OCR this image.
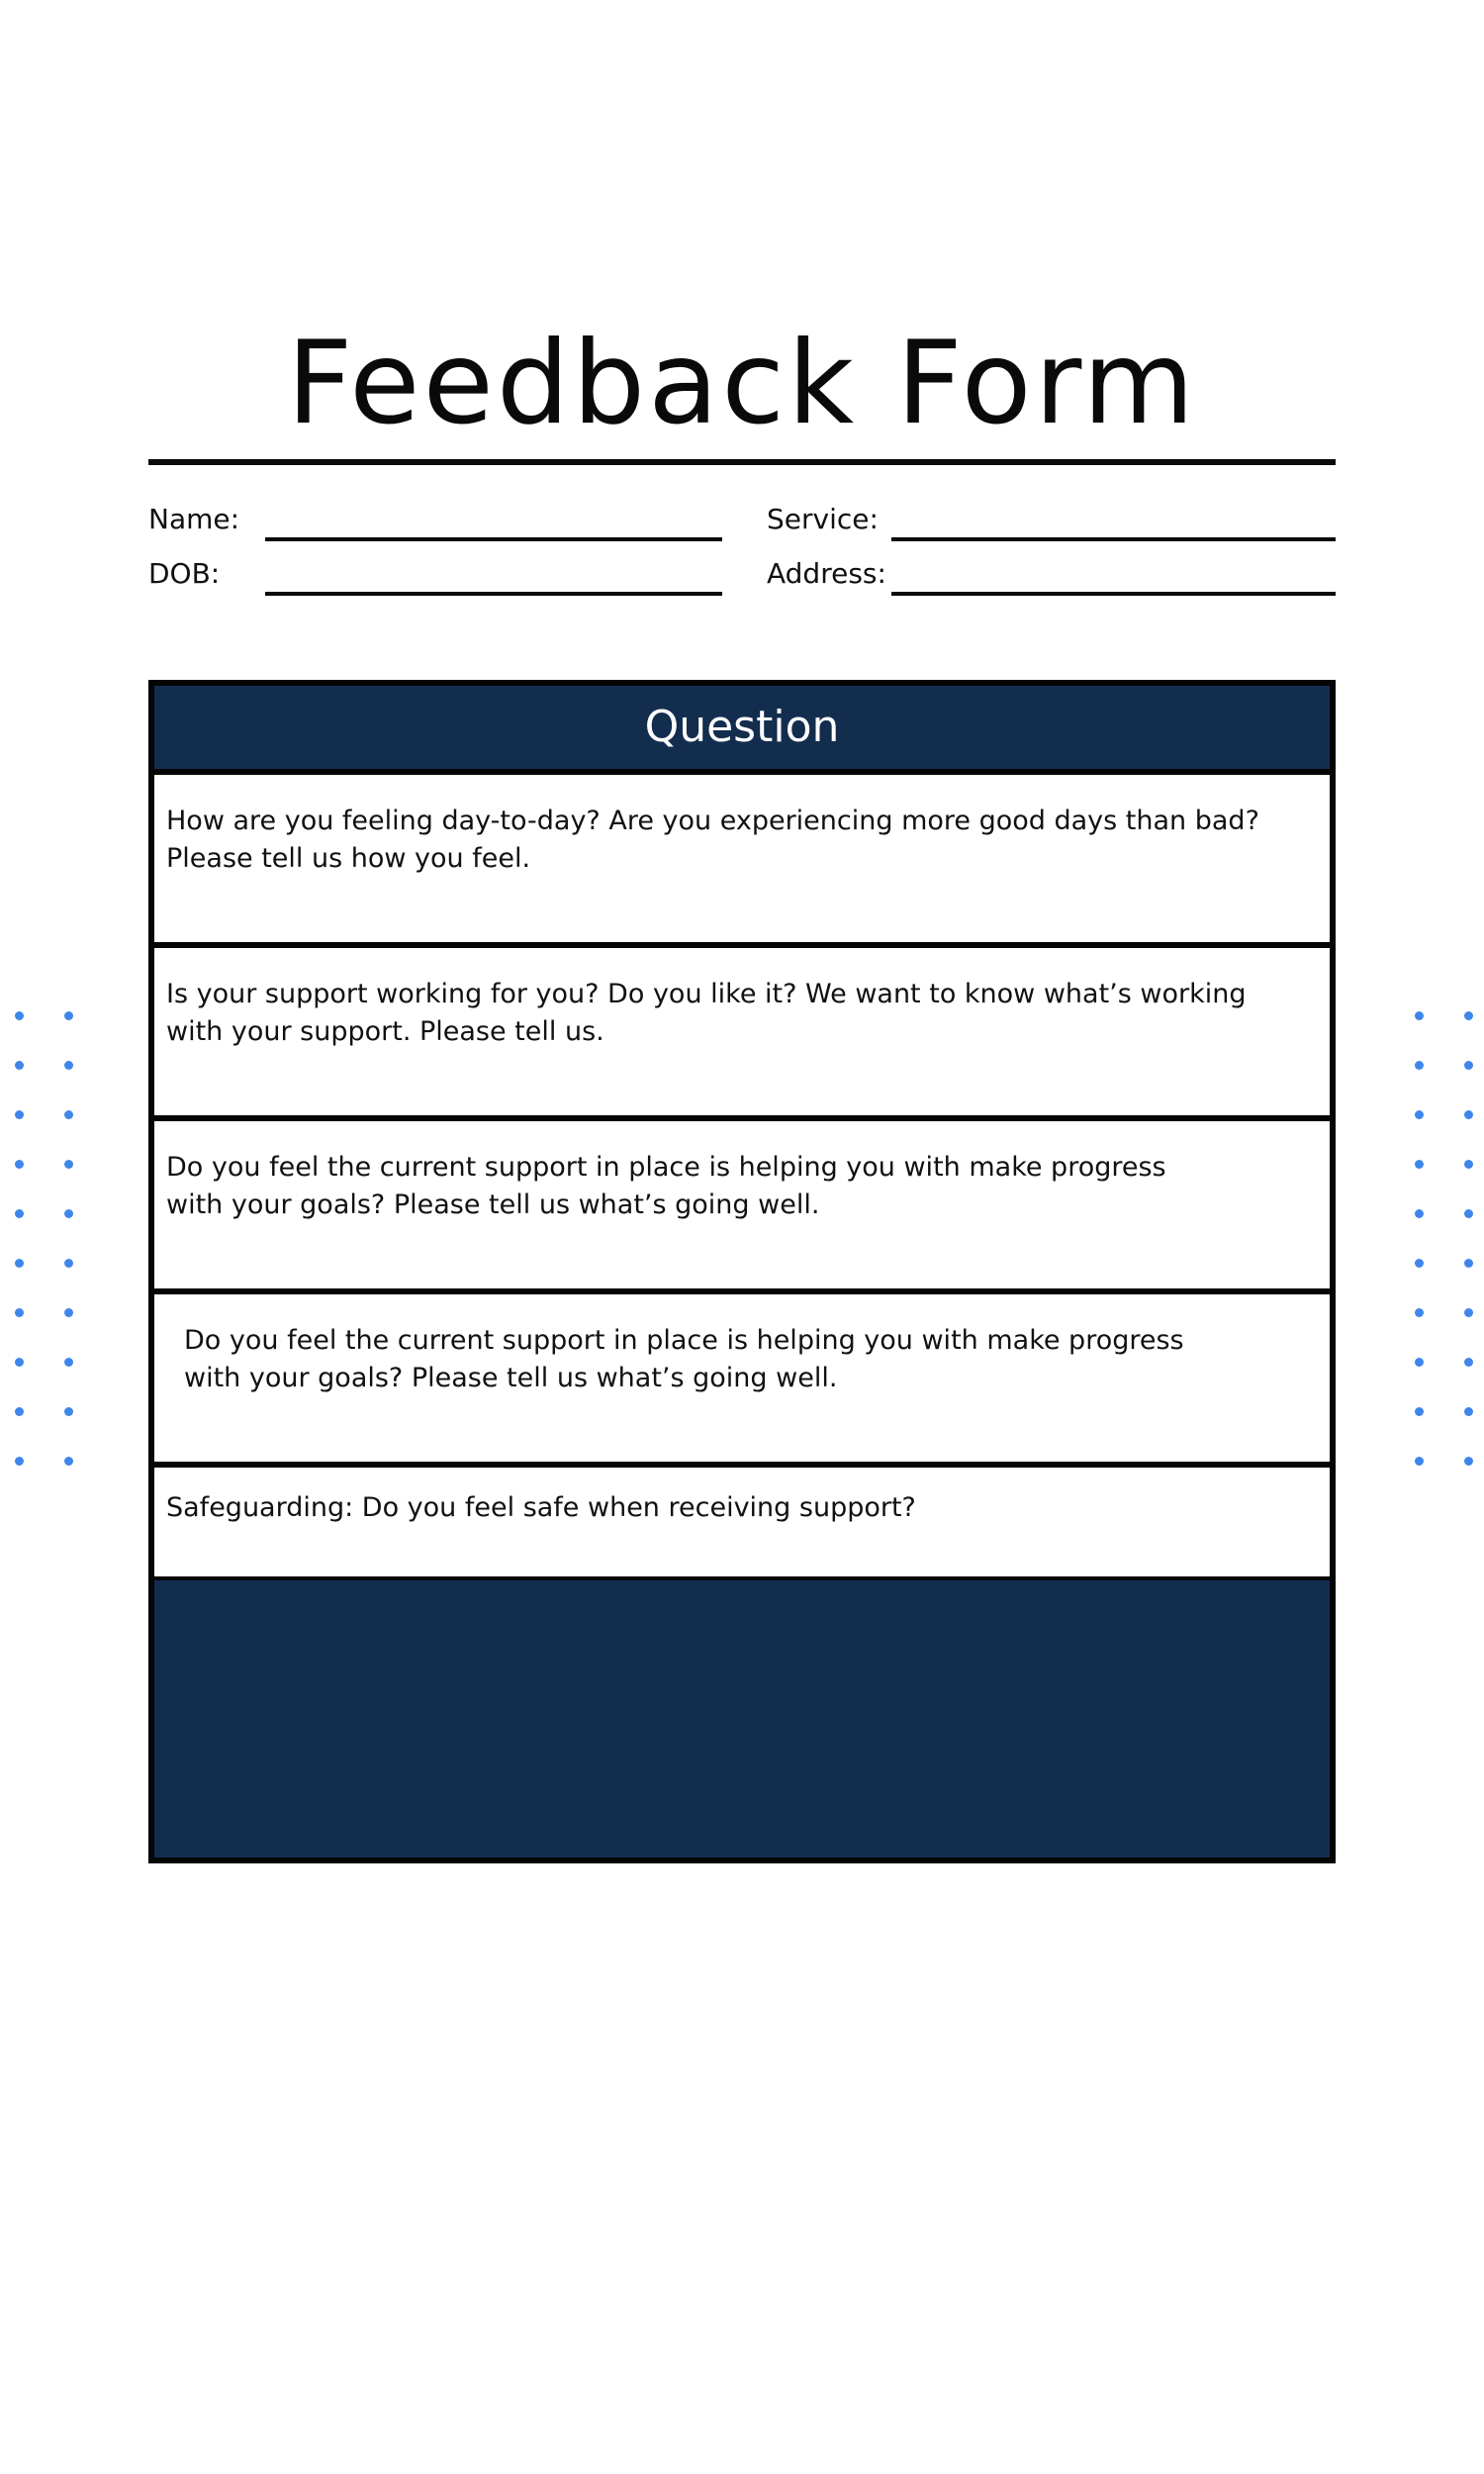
Feedback Form
Name:
DOB:
Service:
Address:
Question
How are you feeling day-to-day? Are you experiencing more good days than bad? Please tell us how you feel.
Is your support working for you? Do you like it? We want to know what’s working with your support. Please tell us.
Do you feel the current support in place is helping you with make progress with your goals? Please tell us what’s going well.
Do you feel the current support in place is helping you with make progress with your goals? Please tell us what’s going well.
Safeguarding: Do you feel safe when receiving support?
